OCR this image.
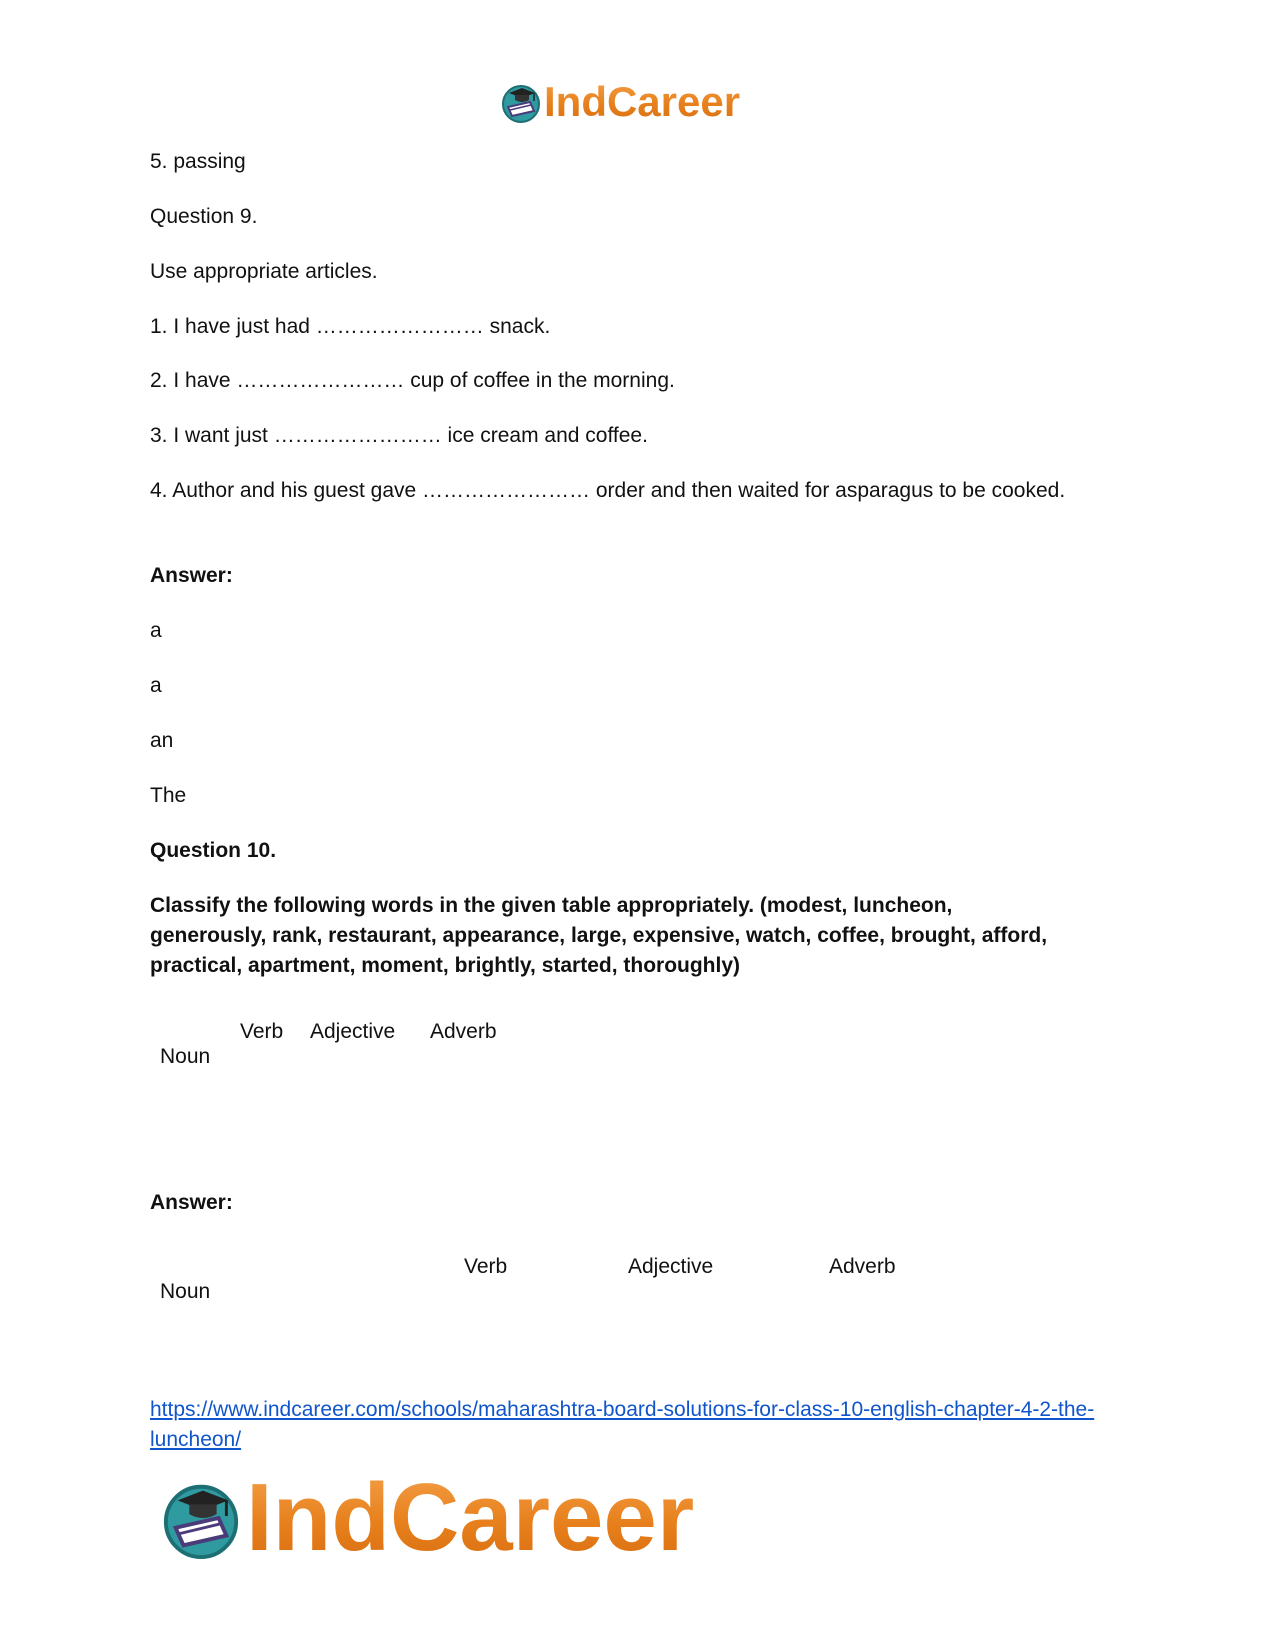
IndCareer
5. passing
Question 9.
Use appropriate articles.
1. I have just had …………………… snack.
2. I have …………………… cup of coffee in the morning.
3. I want just …………………… ice cream and coffee.
4. Author and his guest gave …………………… order and then waited for asparagus to be cooked.
Answer:
a
a
an
The
Question 10.
Classify the following words in the given table appropriately. (modest, luncheon, generously, rank, restaurant, appearance, large, expensive, watch, coffee, brought, afford, practical, apartment, moment, brightly, started, thoroughly)
Noun
Verb Adjective Adverb
Answer:
Noun
Verb	Adjective	Adverb
https://www.indcareer.com/schools/maharashtra-board-solutions-for-class-10-english-chapter-4-2-the-luncheon/
IndCareer
